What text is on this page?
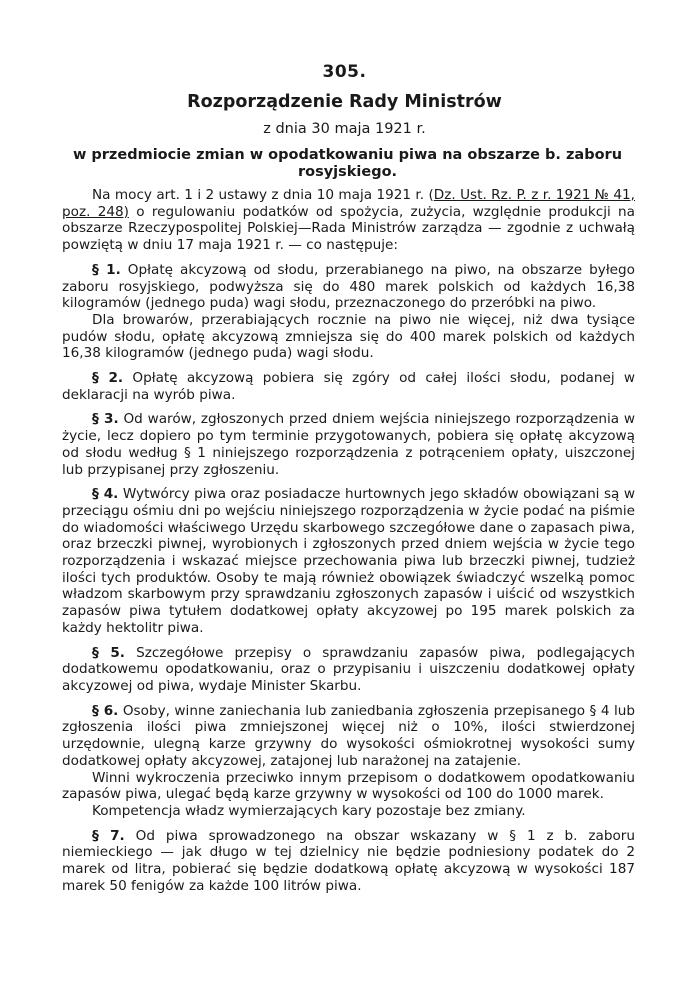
305.
Rozporządzenie Rady Ministrów
z dnia 30 maja 1921 r.
w przedmiocie zmian w opodatkowaniu piwa na obszarze b. zaboru rosyjskiego.

Na mocy art. 1 i 2 ustawy z dnia 10 maja 1921 r. (Dz. Ust. Rz. P. z r. 1921 № 41, poz. 248) o regulowaniu podatków od spożycia, zużycia, względnie produkcji na obszarze Rzeczypospolitej Polskiej—Rada Ministrów zarządza — zgodnie z uchwałą powziętą w dniu 17 maja 1921 r. — co następuje:

§ 1. Opłatę akcyzową od słodu, przerabianego na piwo, na obszarze byłego zaboru rosyjskiego, podwyższa się do 480 marek polskich od każdych 16,38 kilogramów (jednego puda) wagi słodu, przeznaczonego do przeróbki na piwo.

Dla browarów, przerabiających rocznie na piwo nie więcej, niż dwa tysiące pudów słodu, opłatę akcyzową zmniejsza się do 400 marek polskich od każdych 16,38 kilogramów (jednego puda) wagi słodu.

§ 2. Opłatę akcyzową pobiera się zgóry od całej ilości słodu, podanej w deklaracji na wyrób piwa.

§ 3. Od warów, zgłoszonych przed dniem wejścia niniejszego rozporządzenia w życie, lecz dopiero po tym terminie przygotowanych, pobiera się opłatę akcyzową od słodu według § 1 niniejszego rozporządzenia z potrąceniem opłaty, uiszczonej lub przypisanej przy zgłoszeniu.

§ 4. Wytwórcy piwa oraz posiadacze hurtownych jego składów obowiązani są w przeciągu ośmiu dni po wejściu niniejszego rozporządzenia w życie podać na piśmie do wiadomości właściwego Urzędu skarbowego szczegółowe dane o zapasach piwa, oraz brzeczki piwnej, wyrobionych i zgłoszonych przed dniem wejścia w życie tego rozporządzenia i wskazać miejsce przechowania piwa lub brzeczki piwnej, tudzież ilości tych produktów. Osoby te mają również obowiązek świadczyć wszelką pomoc władzom skarbowym przy sprawdzaniu zgłoszonych zapasów i uiścić od wszystkich zapasów piwa tytułem dodatkowej opłaty akcyzowej po 195 marek polskich za każdy hektolitr piwa.

§ 5. Szczegółowe przepisy o sprawdzaniu zapasów piwa, podlegających dodatkowemu opodatkowaniu, oraz o przypisaniu i uiszczeniu dodatkowej opłaty akcyzowej od piwa, wydaje Minister Skarbu.

§ 6. Osoby, winne zaniechania lub zaniedbania zgłoszenia przepisanego § 4 lub zgłoszenia ilości piwa zmniejszonej więcej niż o 10%, ilości stwierdzonej urzędownie, ulegną karze grzywny do wysokości ośmiokrotnej wysokości sumy dodatkowej opłaty akcyzowej, zatajonej lub narażonej na zatajenie.

Winni wykroczenia przeciwko innym przepisom o dodatkowem opodatkowaniu zapasów piwa, ulegać będą karze grzywny w wysokości od 100 do 1000 marek.

Kompetencja władz wymierzających kary pozostaje bez zmiany.

§ 7. Od piwa sprowadzonego na obszar wskazany w § 1 z b. zaboru niemieckiego — jak długo w tej dzielnicy nie będzie podniesiony podatek do 2 marek od litra, pobierać się będzie dodatkową opłatę akcyzową w wysokości 187 marek 50 fenigów za każde 100 litrów piwa.
